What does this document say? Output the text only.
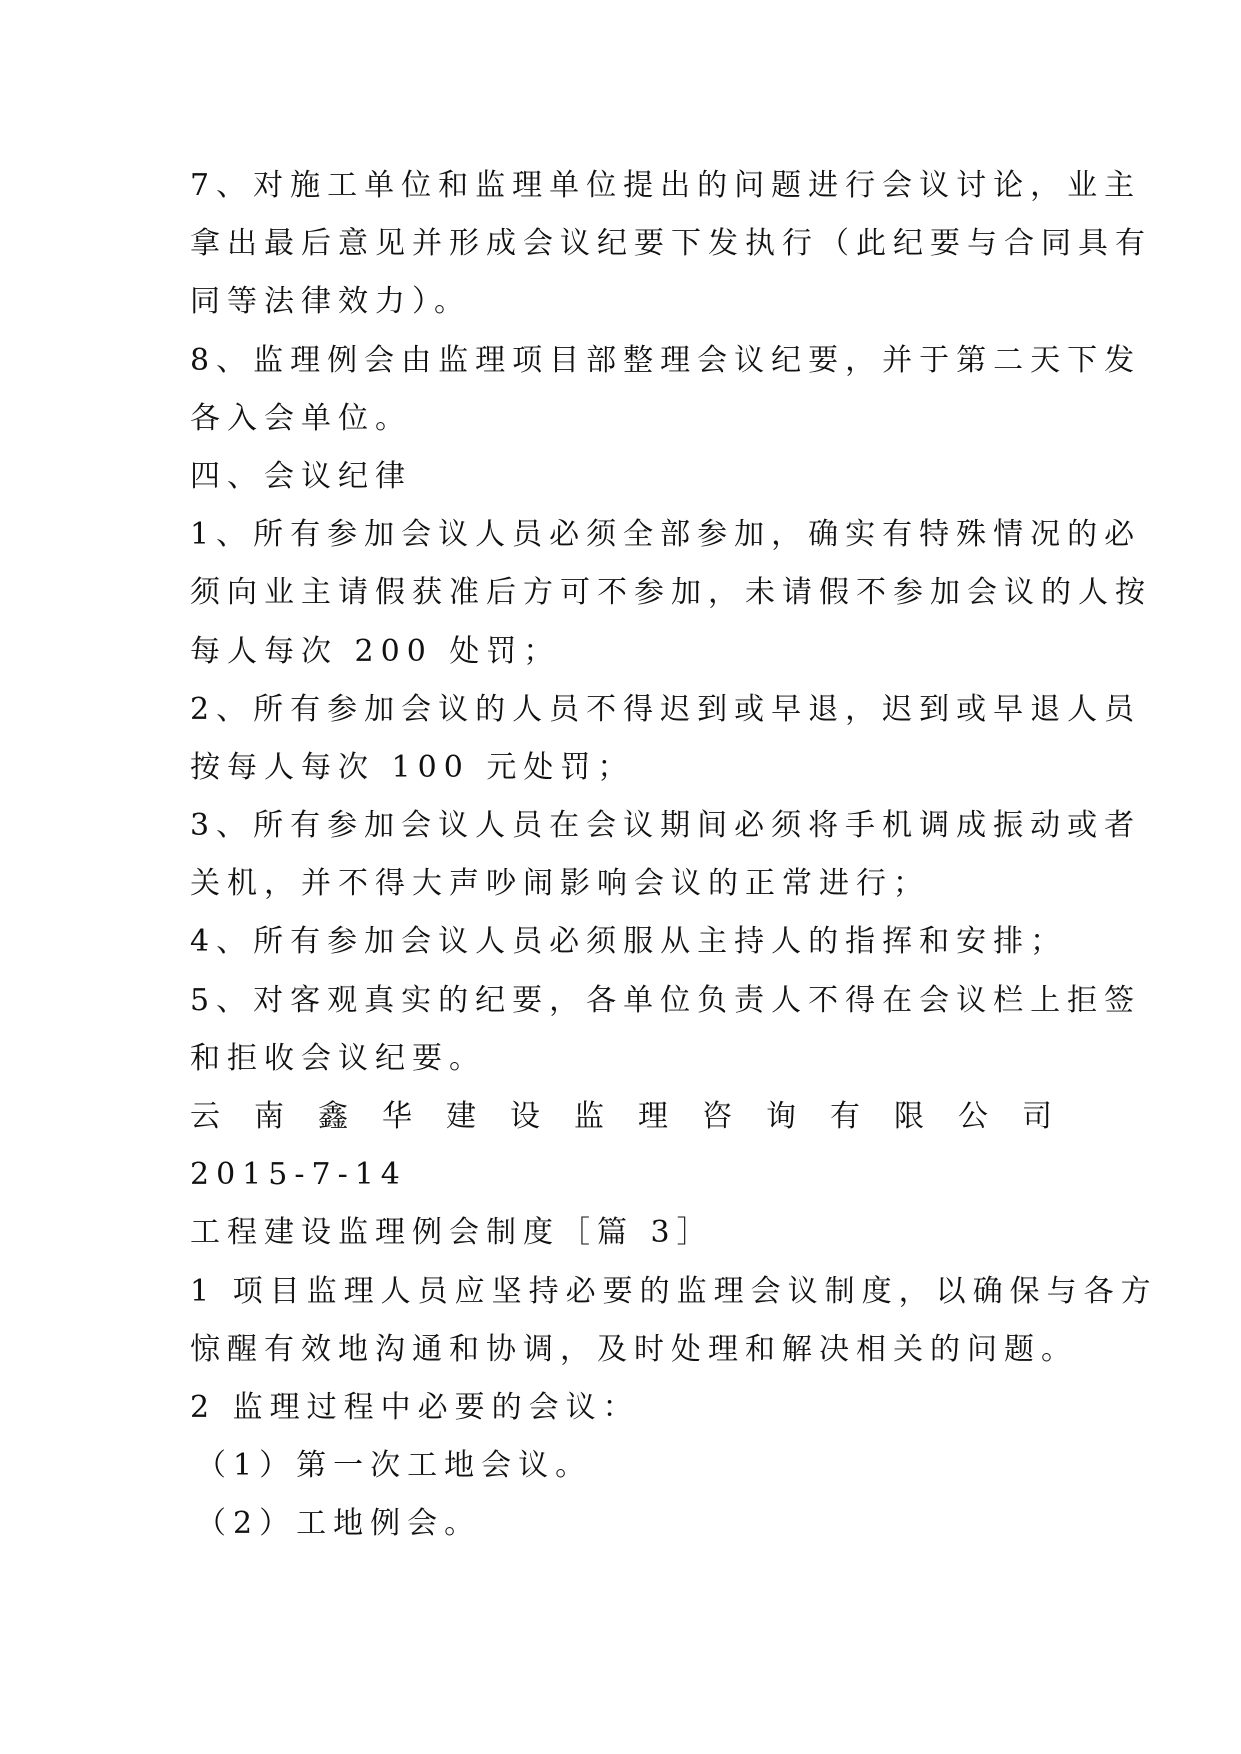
7、对施工单位和监理单位提出的问题进行会议讨论，业主
拿出最后意见并形成会议纪要下发执行（此纪要与合同具有
同等法律效力）。
8、监理例会由监理项目部整理会议纪要，并于第二天下发
各入会单位。
四、会议纪律
1、所有参加会议人员必须全部参加，确实有特殊情况的必
须向业主请假获准后方可不参加，未请假不参加会议的人按
每人每次 200 处罚；
2、所有参加会议的人员不得迟到或早退，迟到或早退人员
按每人每次 100 元处罚；
3、所有参加会议人员在会议期间必须将手机调成振动或者
关机，并不得大声吵闹影响会议的正常进行；
4、所有参加会议人员必须服从主持人的指挥和安排；
5、对客观真实的纪要，各单位负责人不得在会议栏上拒签
和拒收会议纪要。
云 南 鑫 华 建 设 监 理 咨 询 有 限 公 司
2015-7-14
工程建设监理例会制度［篇 3］
1 项目监理人员应坚持必要的监理会议制度，以确保与各方
惊醒有效地沟通和协调，及时处理和解决相关的问题。
2 监理过程中必要的会议：
（1）第一次工地会议。
（2）工地例会。
